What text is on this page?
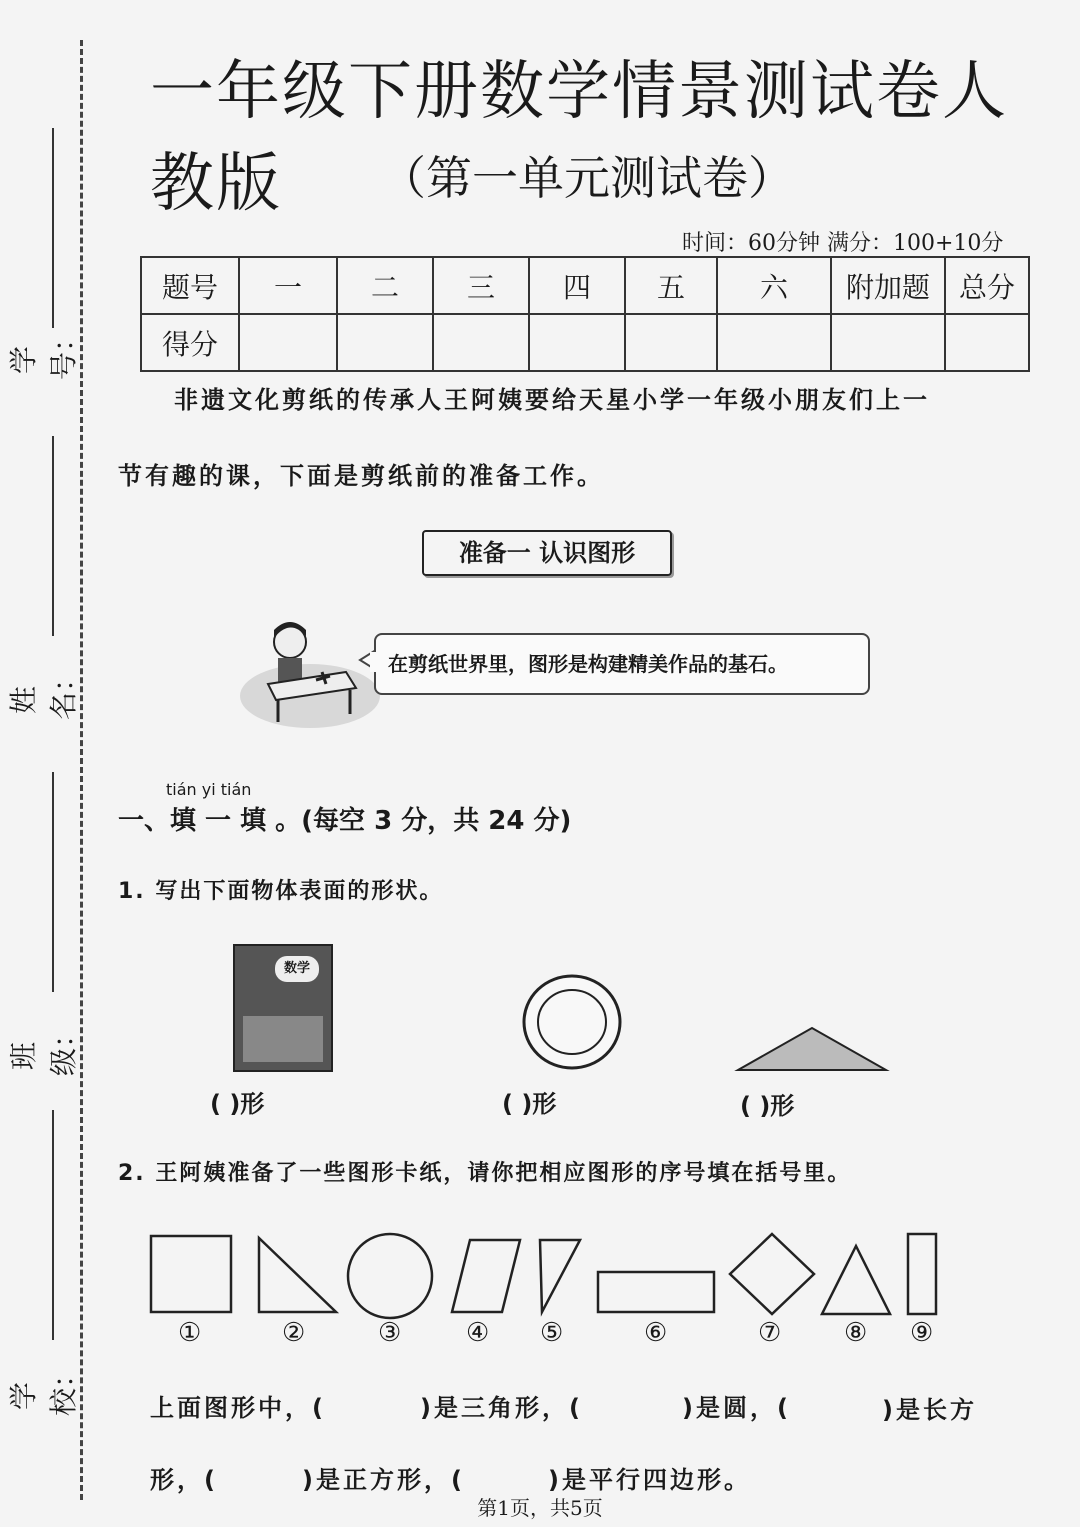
学号：
姓名：
班级：
学校：
一年级下册数学情景测试卷人教版	（第一单元测试卷）
时间：60分钟 满分：100+10分
题号	一	二	三	四	五	六	附加题	总分
得分								
非遗文化剪纸的传承人王阿姨要给天星小学一年级小朋友们上一
节有趣的课，下面是剪纸前的准备工作。
准备一 认识图形
在剪纸世界里，图形是构建精美作品的基石。
tián yi tián
一、填 一 填 。(每空 3 分，共 24 分)
1. 写出下面物体表面的形状。
数学
( )形	( )形	( )形
2. 王阿姨准备了一些图形卡纸，请你把相应图形的序号填在括号里。
①	②	③ ④ ⑤	⑥	⑦ ⑧ ⑨
上面图形中，(	)是三角形，(	)是圆，(	)是长方
形，(	)是正方形，(	)是平行四边形。
第1页，共5页
